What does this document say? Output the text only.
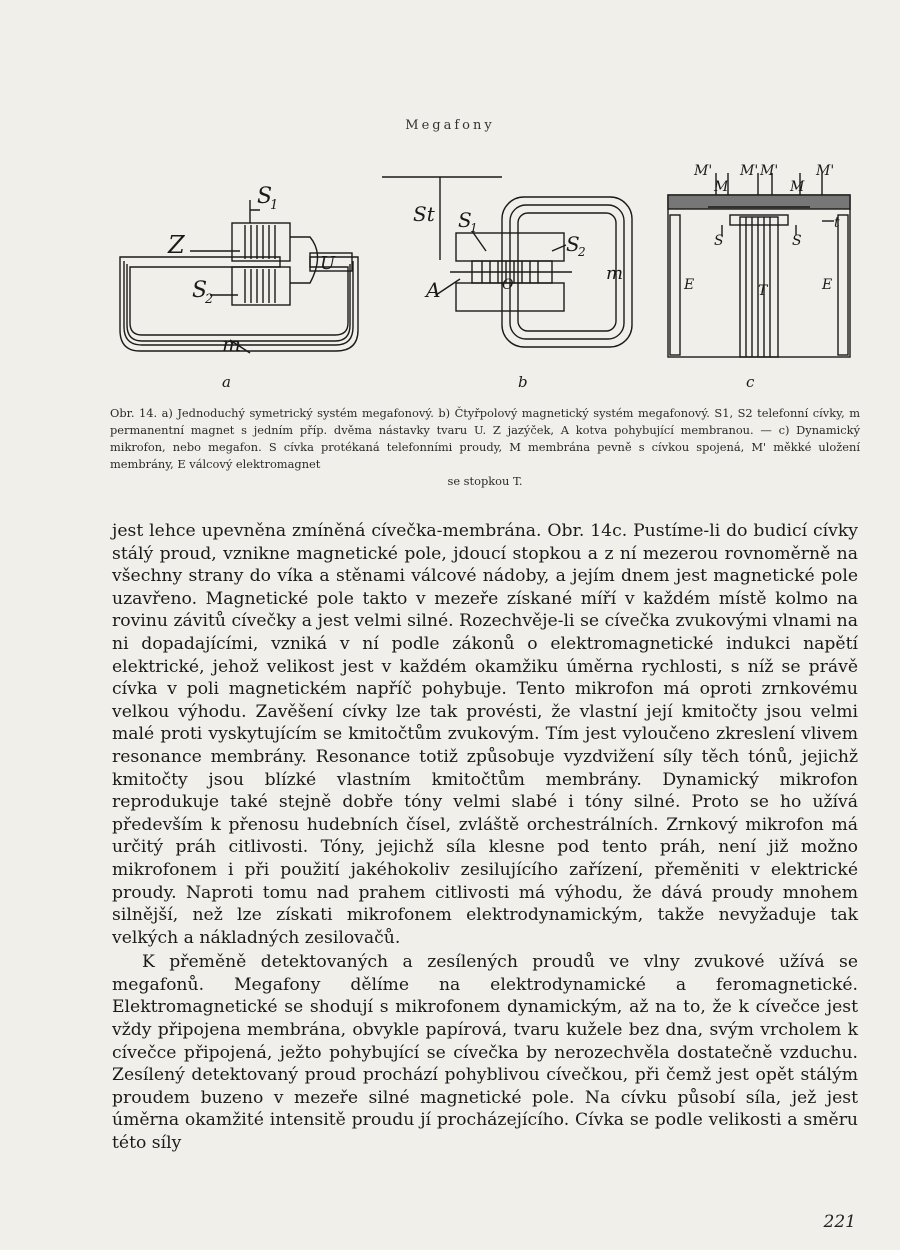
Megafony
S
1
Z
U
S
2
m
a
St S
1
S
2
A	O
m
b
M'
M
M' M'
M
M'
t
S	S
E	T	E
c
Obr. 14. a) Jednoduchý symetrický systém megafonový. b) Čtyřpolový magnetický systém megafonový. S1, S2 telefonní cívky, m permanentní magnet s jedním příp. dvěma nástavky tvaru U. Z jazýček, A kotva pohybující membranou. — c) Dynamický mikrofon, nebo megafon. S cívka protékaná telefonními proudy, M membrána pevně s cívkou spojená, M' měkké uložení membrány, E válcový elektromagnet
se stopkou T.

jest lehce upevněna zmíněná cívečka-membrána. Obr. 14c. Pustíme-li do budicí cívky stálý proud, vznikne magnetické pole, jdoucí stopkou a z ní mezerou rovnoměrně na všechny strany do víka a stěnami válcové nádoby, a jejím dnem jest magnetické pole uzavřeno. Magnetické pole takto v mezeře získané míří v každém místě kolmo na rovinu závitů cívečky a jest velmi silné. Rozechvěje-li se cívečka zvukovými vlnami na ni dopadajícími, vzniká v ní podle zákonů o elektromagnetické indukci napětí elektrické, jehož velikost jest v každém okamžiku úměrna rychlosti, s níž se právě cívka v poli magnetickém napříč pohybuje. Tento mikrofon má oproti zrnkovému velkou výhodu. Zavěšení cívky lze tak provésti, že vlastní její kmitočty jsou velmi malé proti vyskytujícím se kmitočtům zvukovým. Tím jest vyloučeno zkreslení vlivem resonance membrány. Resonance totiž způsobuje vyzdvižení síly těch tónů, jejichž kmitočty jsou blízké vlastním kmitočtům membrány. Dynamický mikrofon reprodukuje také stejně dobře tóny velmi slabé i tóny silné. Proto se ho užívá především k přenosu hudebních čísel, zvláště orchestrálních. Zrnkový mikrofon má určitý práh citlivosti. Tóny, jejichž síla klesne pod tento práh, není již možno mikrofonem i při použití jakéhokoliv zesilujícího zařízení, přeměniti v elektrické proudy. Naproti tomu nad prahem citlivosti má výhodu, že dává proudy mnohem silnější, než lze získati mikrofonem elektrodynamickým, takže nevyžaduje tak velkých a nákladných zesilovačů.

K přeměně detektovaných a zesílených proudů ve vlny zvukové užívá se megafonů. Megafony dělíme na elektrodynamické a feromagnetické. Elektromagnetické se shodují s mikrofonem dynamickým, až na to, že k cívečce jest vždy připojena membrána, obvykle papírová, tvaru kužele bez dna, svým vrcholem k cívečce připojená, ježto pohybující se cívečka by nerozechvěla dostatečně vzduchu. Zesílený detektovaný proud prochází pohyblivou cívečkou, při čemž jest opět stálým proudem buzeno v mezeře silné magnetické pole. Na cívku působí síla, jež jest úměrna okamžité intensitě proudu jí procházejícího. Cívka se podle velikosti a směru této síly

221
